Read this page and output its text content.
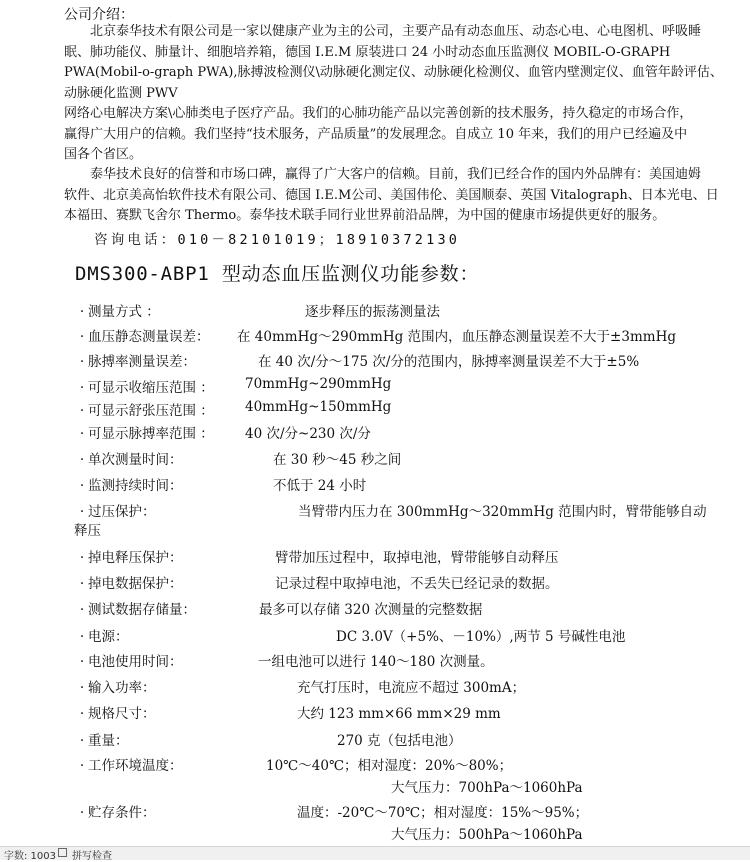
公司介绍：
北京泰华技术有限公司是一家以健康产业为主的公司，主要产品有动态血压、动态心电、心电图机、呼吸睡
眠、肺功能仪、肺量计、细胞培养箱，德国 I.E.M 原装进口 24 小时动态血压监测仪 MOBIL-O-GRAPH
PWA(Mobil-o-graph PWA),脉搏波检测仪\动脉硬化测定仪、动脉硬化检测仪、血管内壁测定仪、血管年龄评估、
动脉硬化监测 PWV
网络心电解决方案\心肺类电子医疗产品。我们的心肺功能产品以完善创新的技术服务，持久稳定的市场合作，
赢得广大用户的信赖。我们坚持“技术服务，产品质量”的发展理念。自成立 10 年来，我们的用户已经遍及中
国各个省区。
泰华技术良好的信誉和市场口碑，赢得了广大客户的信赖。目前，我们已经合作的国内外品牌有：美国迪姆
软件、北京美高怡软件技术有限公司、德国 I.E.M公司、美国伟伦、美国顺泰、英国 Vitalograph、日本光电、日
本福田、赛默飞舍尔 Thermo。泰华技术联手同行业世界前沿品牌，为中国的健康市场提供更好的服务。
咨询电话：010－82101019；18910372130
DMS300-ABP1 型动态血压监测仪功能参数：
· 测量方式 ：	逐步释压的振荡测量法
· 血压静态测量误差： 在 40mmHg～290mmHg 范围内，血压静态测量误差不大于±3mmHg
· 脉搏率测量误差：	在 40 次/分～175 次/分的范围内，脉搏率测量误差不大于±5%
· 可显示收缩压范围 ： 70mmHg~290mmHg
· 可显示舒张压范围 ： 40mmHg~150mmHg
· 可显示脉搏率范围 ： 40 次/分~230 次/分
· 单次测量时间：	在 30 秒～45 秒之间
· 监测持续时间：	不低于 24 小时
· 过压保护：	当臂带内压力在 300mmHg～320mmHg 范围内时，臂带能够自动
释压
· 掉电释压保护：	臂带加压过程中，取掉电池，臂带能够自动释压
· 掉电数据保护：	记录过程中取掉电池，不丢失已经记录的数据。
· 测试数据存储量：	最多可以存储 320 次测量的完整数据
· 电源：	DC 3.0V（+5%、－10%）,两节 5 号碱性电池
· 电池使用时间：	一组电池可以进行 140～180 次测量。
· 输入功率：	充气打压时，电流应不超过 300mA；
· 规格尺寸：	大约 123 mm×66 mm×29 mm
· 重量：	270 克（包括电池）
· 工作环境温度：	10℃～40℃；相对湿度：20%～80%；
大气压力：700hPa～1060hPa
· 贮存条件：	温度：-20℃～70℃；相对湿度：15%～95%；
大气压力：500hPa～1060hPa
字数: 1003 拼写检查
